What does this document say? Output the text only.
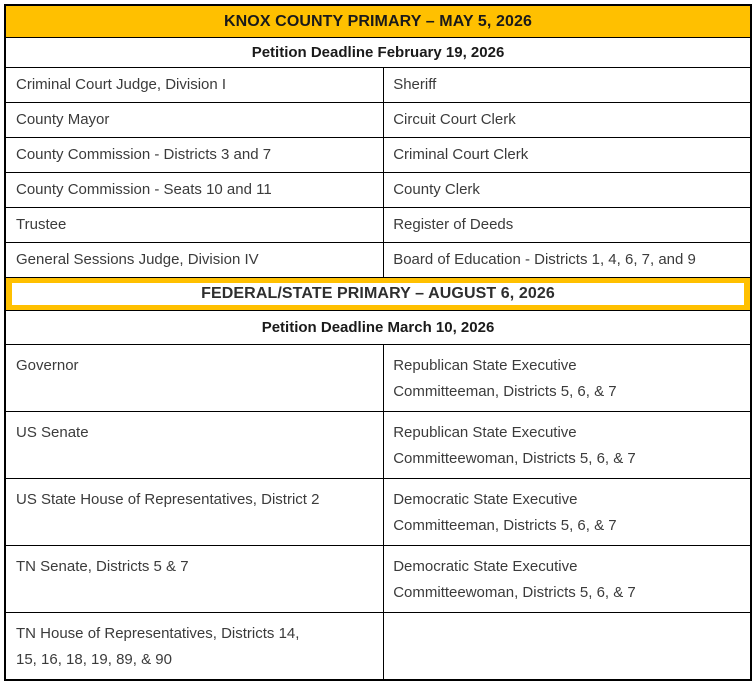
KNOX COUNTY PRIMARY – MAY 5, 2026
Petition Deadline February 19, 2026
Criminal Court Judge, Division I	Sheriff
County Mayor	Circuit Court Clerk
County Commission - Districts 3 and 7	Criminal Court Clerk
County Commission - Seats 10 and 11	County Clerk
Trustee	Register of Deeds
General Sessions Judge, Division IV	Board of Education - Districts 1, 4, 6, 7, and 9
FEDERAL/STATE PRIMARY – AUGUST 6, 2026
Petition Deadline March 10, 2026
Governor	Republican State Executive Committeeman, Districts 5, 6, & 7
US Senate	Republican State Executive Committeewoman, Districts 5, 6, & 7
US State House of Representatives, District 2	Democratic State Executive Committeeman, Districts 5, 6, & 7
TN Senate, Districts 5 & 7	Democratic State Executive Committeewoman, Districts 5, 6, & 7
TN House of Representatives, Districts 14, 15, 16, 18, 19, 89, & 90
